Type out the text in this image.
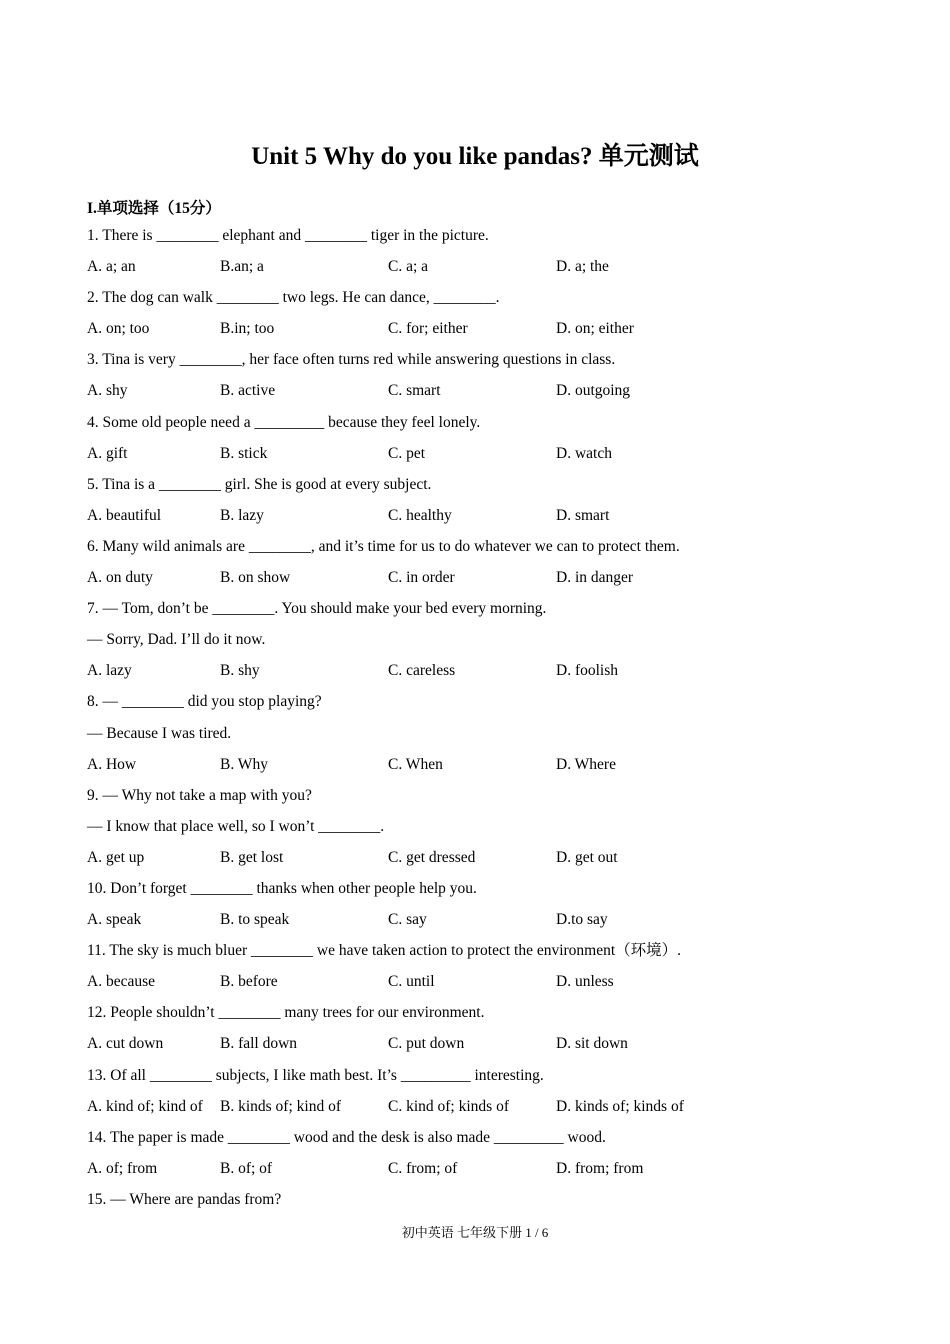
Unit 5 Why do you like pandas? 单元测试
I.单项选择（15分）
1. There is ________ elephant and ________ tiger in the picture.
A. a; an	B.an; a	C. a; a	D. a; the
2. The dog can walk ________ two legs. He can dance, ________.
A. on; too	B.in; too	C. for; either	D. on; either
3. Tina is very ________, her face often turns red while answering questions in class.
A. shy	B. active	C. smart	D. outgoing
4. Some old people need a _________ because they feel lonely.
A. gift	B. stick	C. pet	D. watch
5. Tina is a ________ girl. She is good at every subject.
A. beautiful	B. lazy	C. healthy	D. smart
6. Many wild animals are ________, and it’s time for us to do whatever we can to protect them.
A. on duty	B. on show	C. in order	D. in danger
7. — Tom, don’t be ________. You should make your bed every morning.
— Sorry, Dad. I’ll do it now.
A. lazy	B. shy	C. careless	D. foolish
8. — ________ did you stop playing?
— Because I was tired.
A. How	B. Why	C. When	D. Where
9. — Why not take a map with you?
— I know that place well, so I won’t ________.
A. get up	B. get lost	C. get dressed	D. get out
10. Don’t forget ________ thanks when other people help you.
A. speak	B. to speak	C. say	D.to say
11. The sky is much bluer ________ we have taken action to protect the environment（环境）.
A. because	B. before	C. until	D. unless
12. People shouldn’t ________ many trees for our environment.
A. cut down	B. fall down	C. put down	D. sit down
13. Of all ________ subjects, I like math best. It’s _________ interesting.
A. kind of; kind of B. kinds of; kind of	C. kind of; kinds of	D. kinds of; kinds of
14. The paper is made ________ wood and the desk is also made _________ wood.
A. of; from	B. of; of	C. from; of	D. from; from
15. — Where are pandas from?
初中英语 七年级下册 1 / 6
